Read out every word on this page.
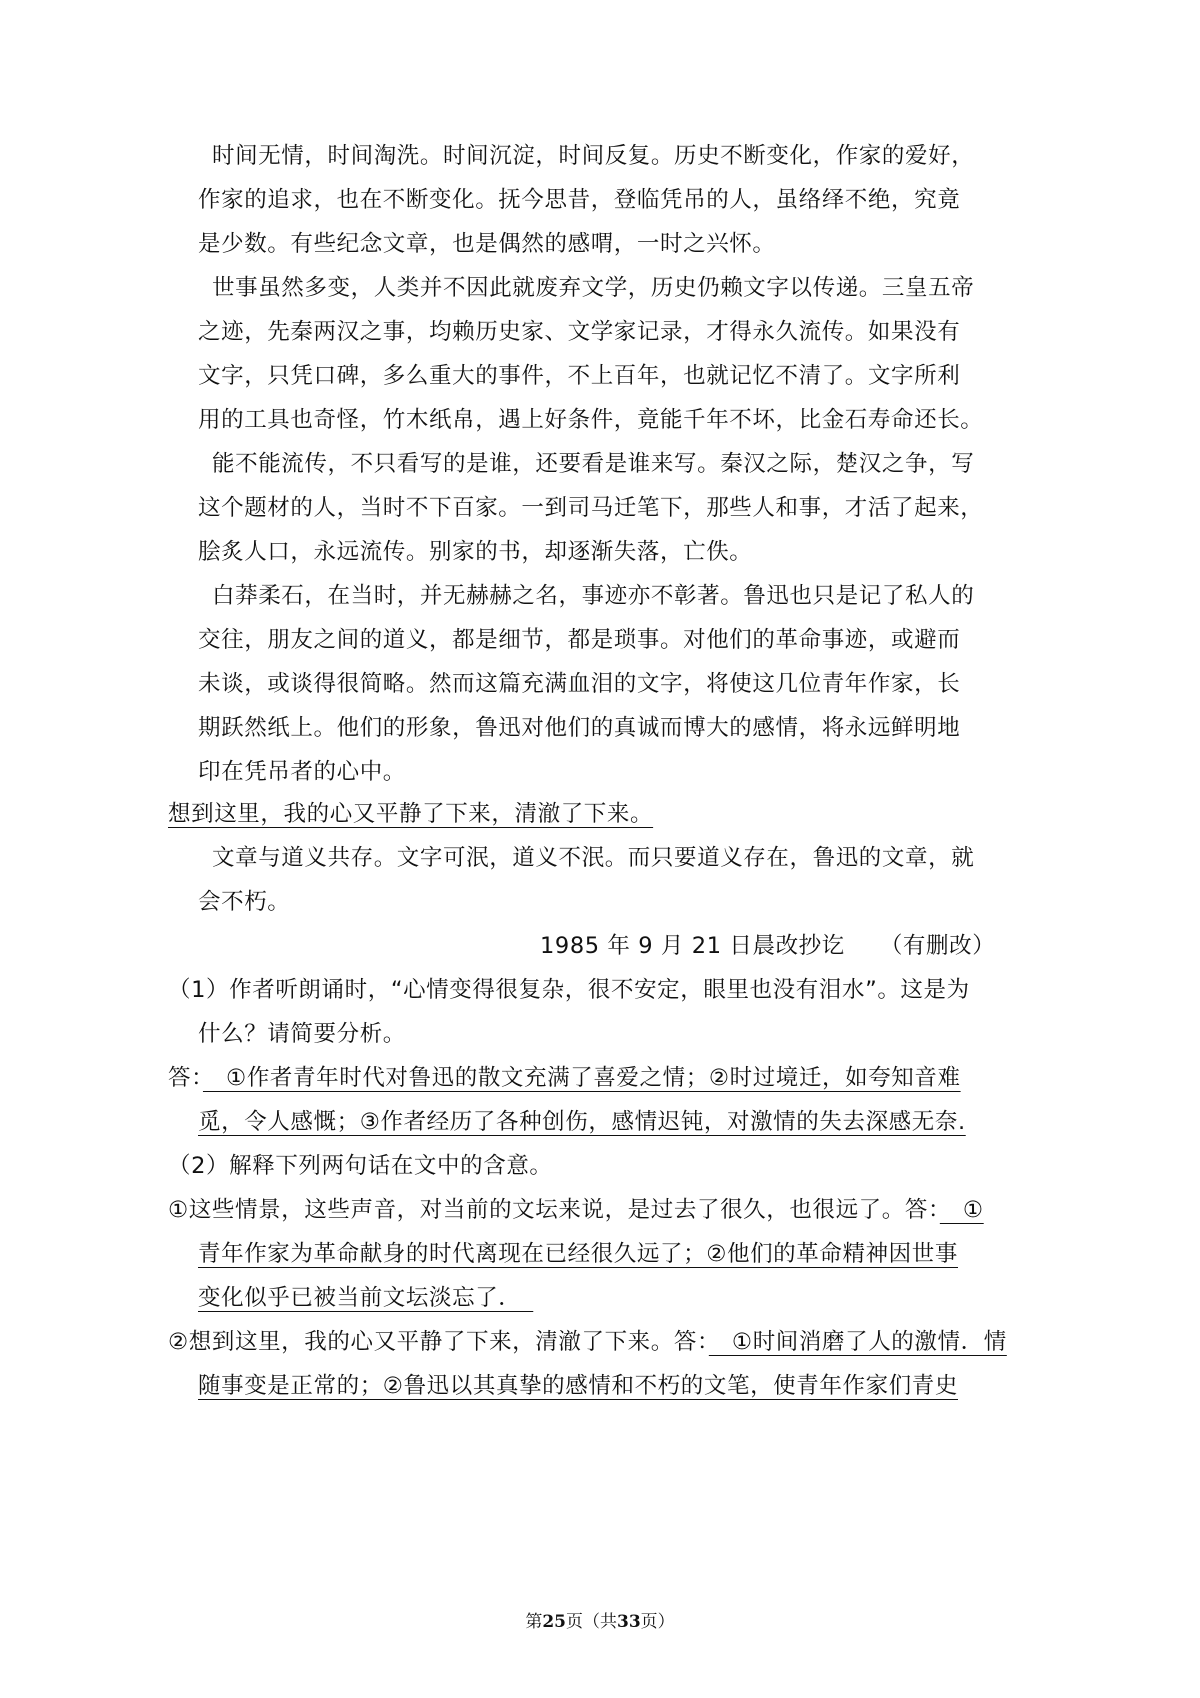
时间无情，时间淘洗。时间沉淀，时间反复。历史不断变化，作家的爱好，
作家的追求，也在不断变化。抚今思昔，登临凭吊的人，虽络绎不绝，究竟
是少数。有些纪念文章，也是偶然的感喟，一时之兴怀。
世事虽然多变，人类并不因此就废弃文学，历史仍赖文字以传递。三皇五帝
之迹，先秦两汉之事，均赖历史家、文学家记录，才得永久流传。如果没有
文字，只凭口碑，多么重大的事件，不上百年，也就记忆不清了。文字所利
用的工具也奇怪，竹木纸帛，遇上好条件，竟能千年不坏，比金石寿命还长。
能不能流传，不只看写的是谁，还要看是谁来写。秦汉之际，楚汉之争，写
这个题材的人，当时不下百家。一到司马迁笔下，那些人和事，才活了起来，
脍炙人口，永远流传。别家的书，却逐渐失落，亡佚。
白莽柔石，在当时，并无赫赫之名，事迹亦不彰著。鲁迅也只是记了私人的
交往，朋友之间的道义，都是细节，都是琐事。对他们的革命事迹，或避而
未谈，或谈得很简略。然而这篇充满血泪的文字，将使这几位青年作家，长
期跃然纸上。他们的形象，鲁迅对他们的真诚而博大的感情，将永远鲜明地
印在凭吊者的心中。
想到这里，我的心又平静了下来，清澈了下来。
文章与道义共存。文字可泯，道义不泯。而只要道义存在，鲁迅的文章，就
会不朽。
1985 年 9 月 21 日晨改抄讫　　（有删改）
（1）作者听朗诵时，“心情变得很复杂，很不安定，眼里也没有泪水”。这是为
什么？请简要分析。
答：　①作者青年时代对鲁迅的散文充满了喜爱之情；②时过境迁，如夸知音难
觅，令人感慨；③作者经历了各种创伤，感情迟钝，对激情的失去深感无奈.
（2）解释下列两句话在文中的含意。
①这些情景，这些声音，对当前的文坛来说，是过去了很久，也很远了。答：　①
青年作家为革命献身的时代离现在已经很久远了；②他们的革命精神因世事
变化似乎已被当前文坛淡忘了．　
②想到这里，我的心又平静了下来，清澈了下来。答：　①时间消磨了人的激情．情
随事变是正常的；②鲁迅以其真挚的感情和不朽的文笔，使青年作家们青史
第25页（共33页）
